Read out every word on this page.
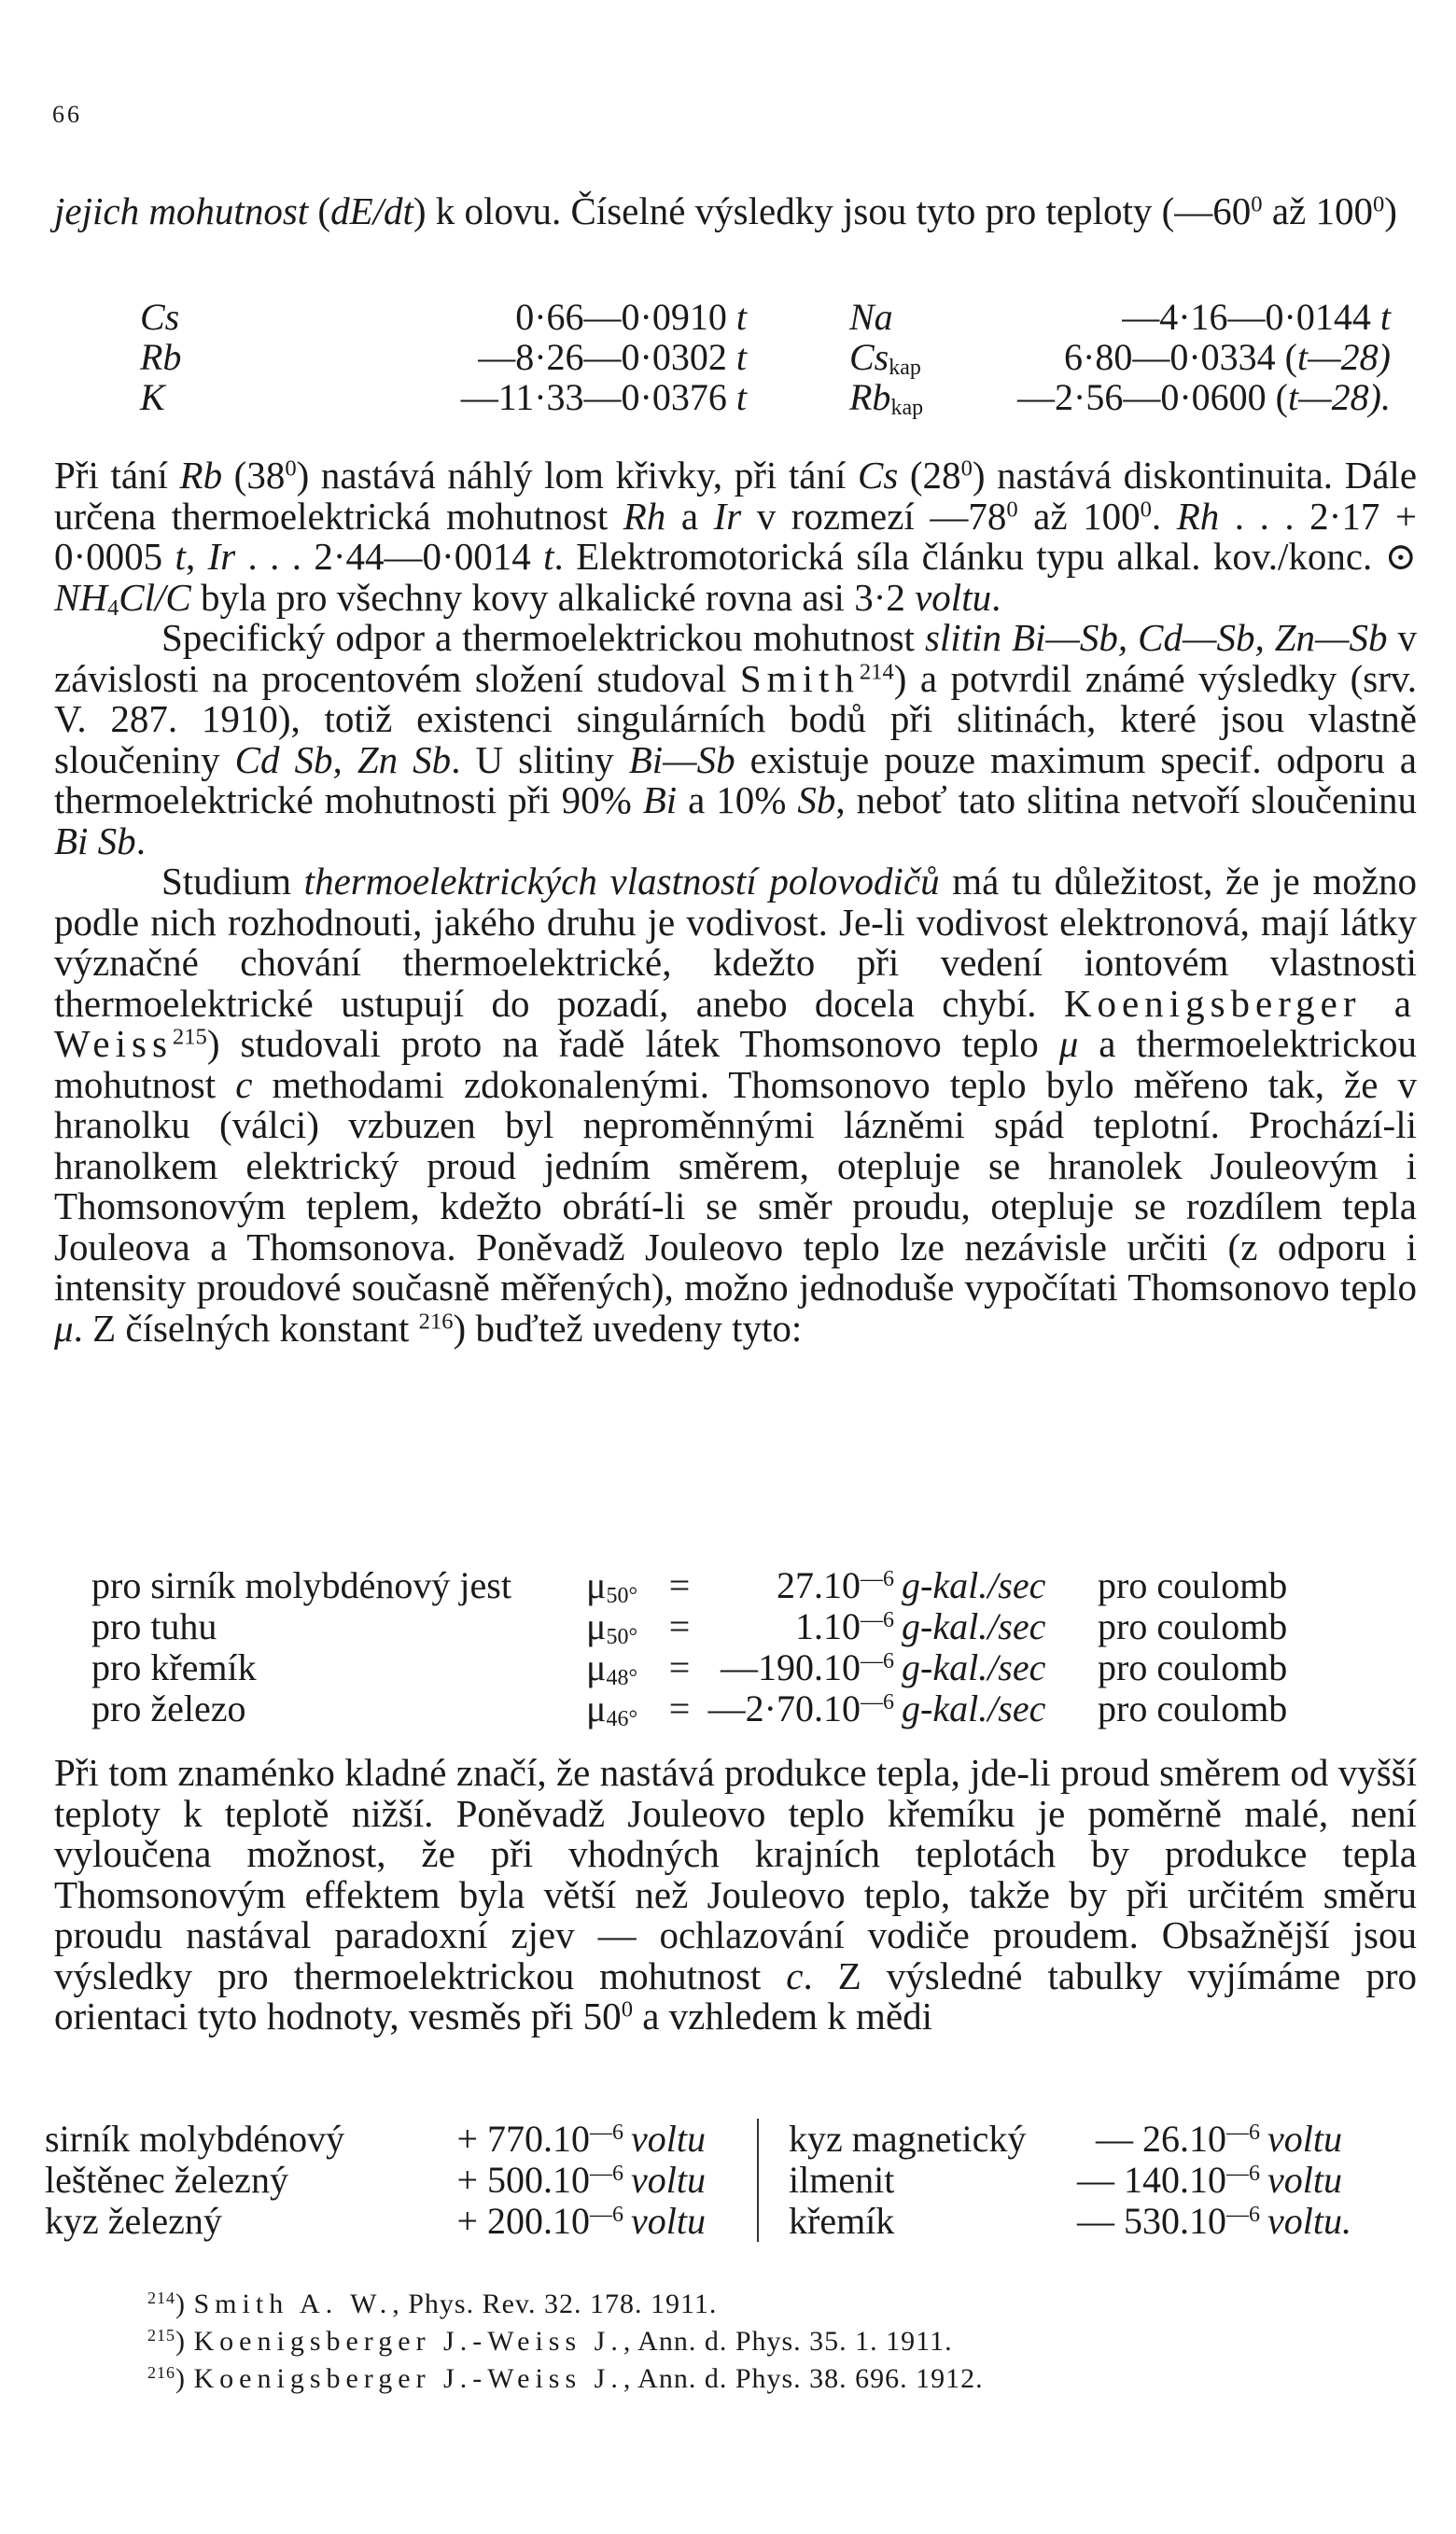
66

jejich mohutnost (dE/dt) k olovu. Číselné výsledky jsou tyto pro teploty ($—60^0$ až $100^0$)

Cs	0·66—0·0910 t	Na	—4·16—0·0144 t
Rb	—8·26—0·0302 t	$Cs_{kap}$	6·80—0·0334 (t—28)
K	—11·33—0·0376 t	$Rb_{kap}$	—2·56—0·0600 (t—28).

Při tání Rb $(38^0)$ nastává náhlý lom křivky, při tání Cs $(28^0)$ nastává diskontinuita. Dále určena thermoelektrická mohutnost Rh a Ir v rozmezí $—78^0$ až $100^0$. Rh . . . 2·17 + 0·0005 t, Ir . . . 2·44—0·0014 t. Elektromotorická síla článku typu alkal. kov./konc. ⊙ $NH_4Cl/C$ byla pro všechny kovy alkalické rovna asi 3·2 voltu.

Specifický odpor a thermoelektrickou mohutnost slitin Bi—Sb, Cd—Sb, Zn—Sb v závislosti na procentovém složení studoval Smith$^{214}$) a potvrdil známé výsledky (srv. V. 287. 1910), totiž existenci singulárních bodů při slitinách, které jsou vlastně sloučeniny Cd Sb, Zn Sb. U slitiny Bi—Sb existuje pouze maximum specif. odporu a thermoelektrické mohutnosti při 90% Bi a 10% Sb, neboť tato slitina netvoří sloučeninu Bi Sb.

Studium thermoelektrických vlastností polovodičů má tu důležitost, že je možno podle nich rozhodnouti, jakého druhu je vodivost. Je-li vodivost elektronová, mají látky význačné chování thermoelektrické, kdežto při vedení iontovém vlastnosti thermoelektrické ustupují do pozadí, anebo docela chybí. Koenigsberger a Weiss$^{215}$) studovali proto na řadě látek Thomsonovo teplo μ a thermoelektrickou mohutnost c methodami zdokonalenými. Thomsonovo teplo bylo měřeno tak, že v hranolku (válci) vzbuzen byl neproměnnými lázněmi spád teplotní. Prochází-li hranolkem elektrický proud jedním směrem, otepluje se hranolek Jouleovým i Thomsonovým teplem, kdežto obrátí-li se směr proudu, otepluje se rozdílem tepla Jouleova a Thomsonova. Poněvadž Jouleovo teplo lze nezávisle určiti (z odporu i intensity proudové současně měřených), možno jednoduše vypočítati Thomsonovo teplo μ. Z číselných konstant $^{216}$) buďtež uvedeny tyto:

pro sirník molybdénový jest	$\mu_{50^\circ}$	=	$27.10^{—6}$	g-kal./sec	pro coulomb
pro tuhu	$\mu_{50^\circ}$	=	$1.10^{—6}$	g-kal./sec	pro coulomb
pro křemík	$\mu_{48^\circ}$	=	$—190.10^{—6}$	g-kal./sec	pro coulomb
pro železo	$\mu_{46^\circ}$	=	$—2\cdot 70.10^{—6}$	g-kal./sec	pro coulomb

Při tom znaménko kladné značí, že nastává produkce tepla, jde-li proud směrem od vyšší teploty k teplotě nižší. Poněvadž Jouleovo teplo křemíku je poměrně malé, není vyloučena možnost, že při vhodných krajních teplotách by produkce tepla Thomsonovým effektem byla větší než Jouleovo teplo, takže by při určitém směru proudu nastával paradoxní zjev — ochlazování vodiče proudem. Obsažnější jsou výsledky pro thermoelektrickou mohutnost c. Z výsledné tabulky vyjímáme pro orientaci tyto hodnoty, vesměs při $50^0$ a vzhledem k mědi

sirník molybdénový	+ $770.10^{—6}$	voltu	kyz magnetický	— $26.10^{—6}$	voltu
leštěnec železný	+ $500.10^{—6}$	voltu	ilmenit	— $140.10^{—6}$	voltu
kyz železný	+ $200.10^{—6}$	voltu	křemík	— $530.10^{—6}$	voltu.
$^{214}$) Smith A. W., Phys. Rev. 32. 178. 1911.
$^{215}$) Koenigsberger J.-Weiss J., Ann. d. Phys. 35. 1. 1911.
$^{216}$) Koenigsberger J.-Weiss J., Ann. d. Phys. 38. 696. 1912.
